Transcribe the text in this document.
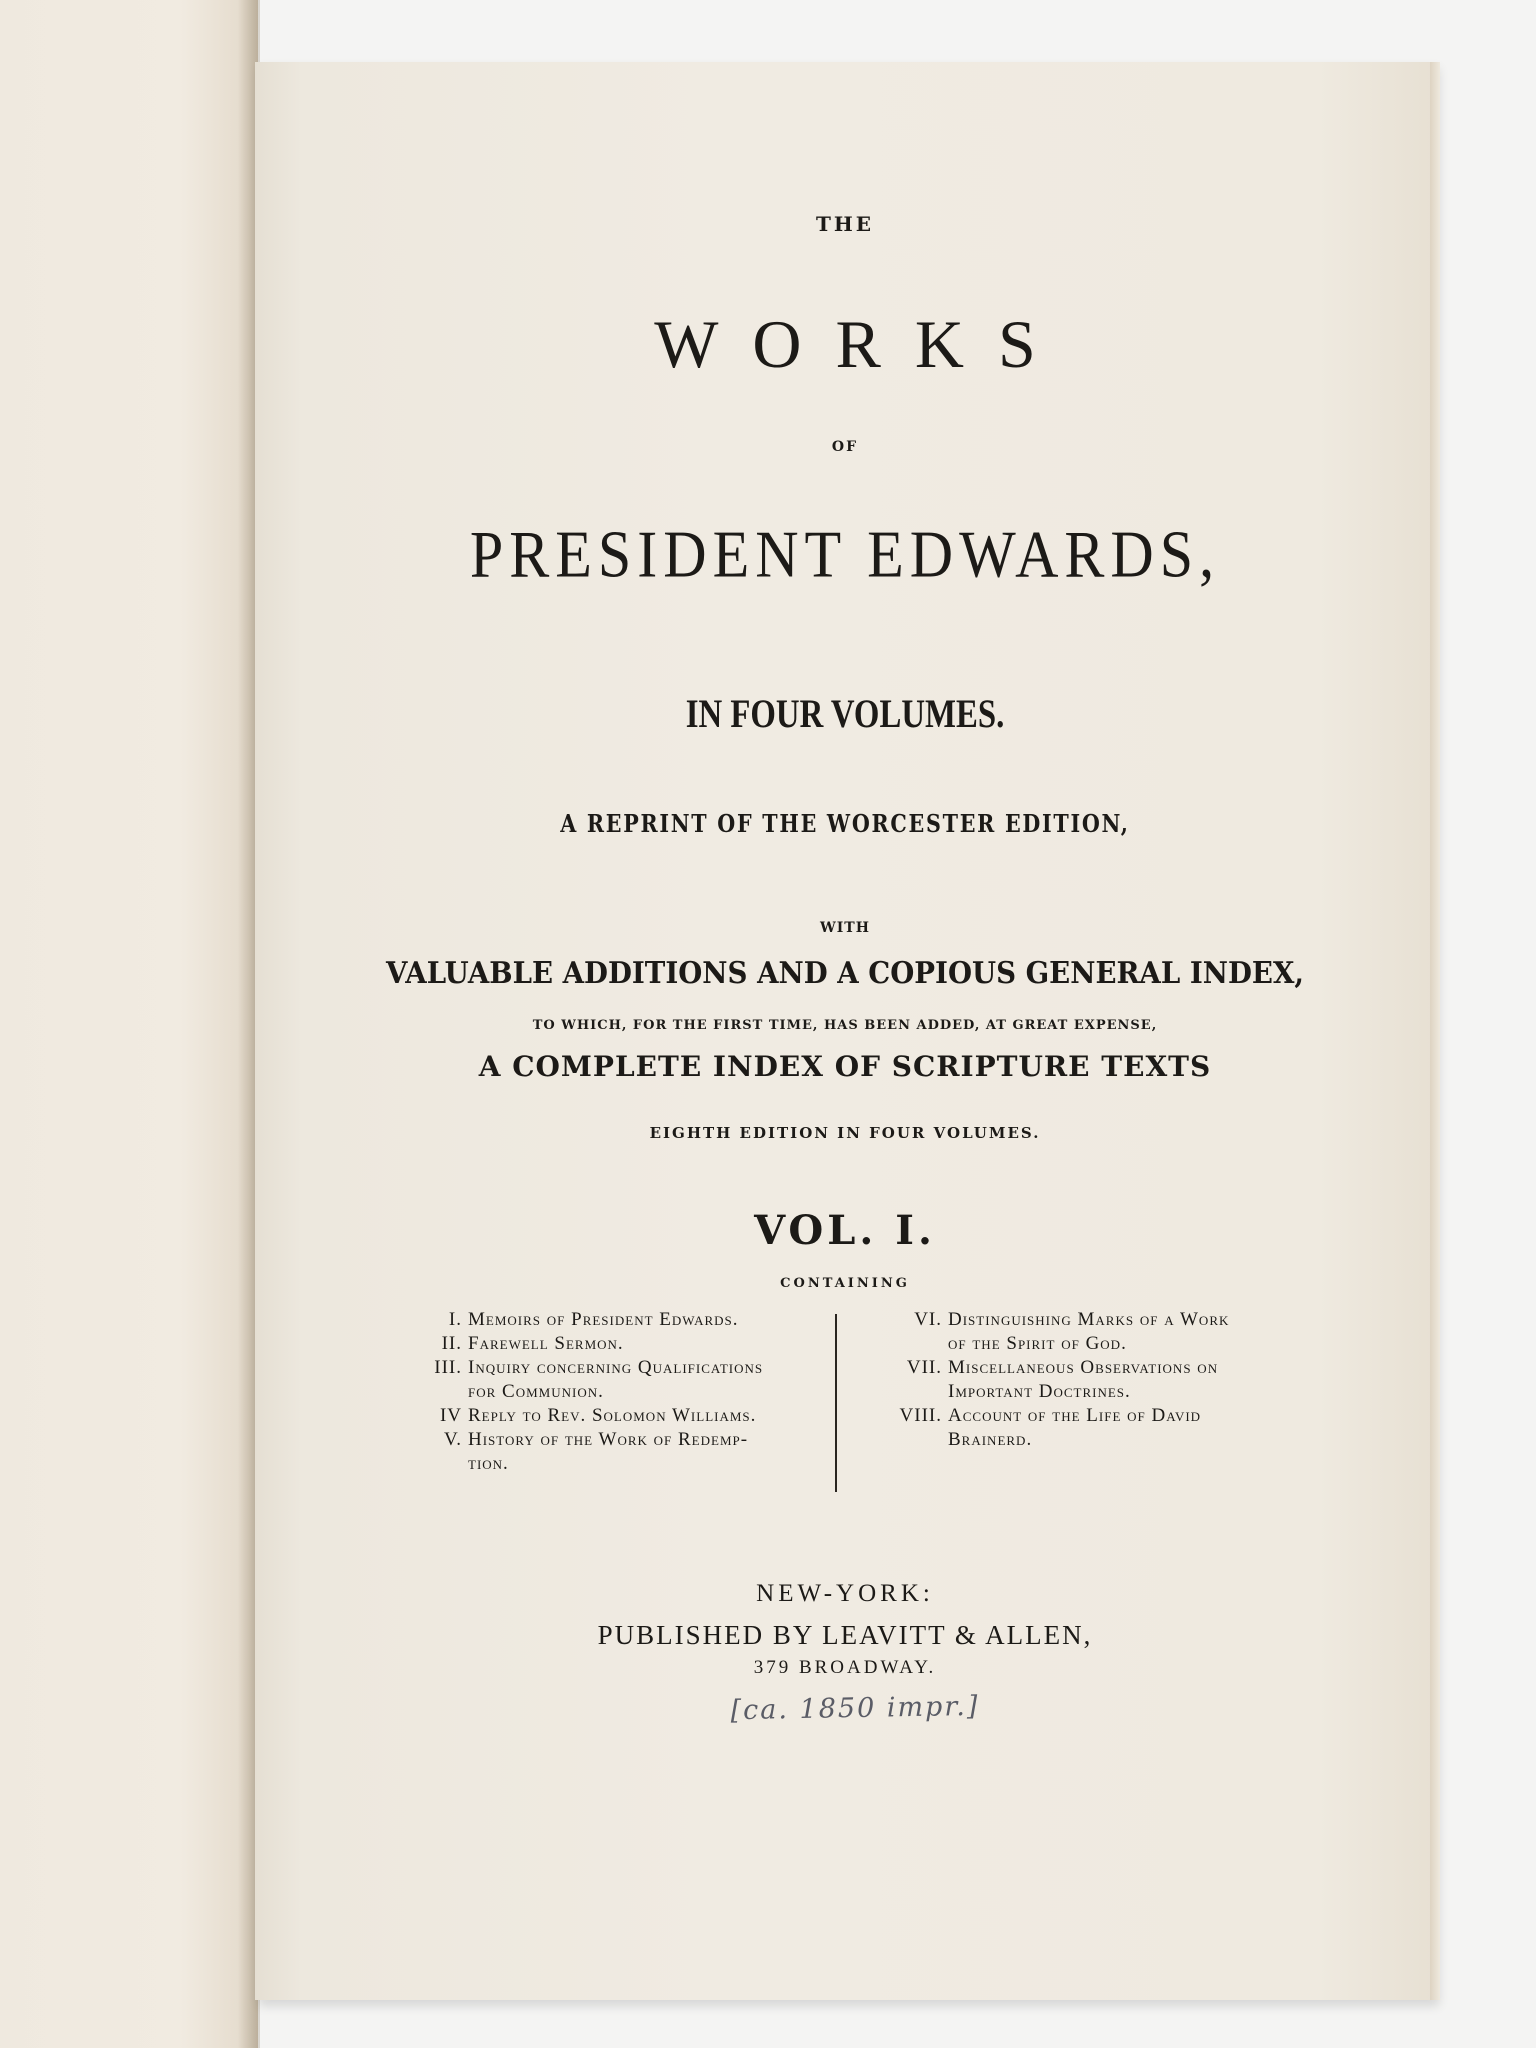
THE

WORKS

OF

PRESIDENT EDWARDS,

IN FOUR VOLUMES.

A REPRINT OF THE WORCESTER EDITION,

WITH

VALUABLE ADDITIONS AND A COPIOUS GENERAL INDEX,

TO WHICH, FOR THE FIRST TIME, HAS BEEN ADDED, AT GREAT EXPENSE,

A COMPLETE INDEX OF SCRIPTURE TEXTS

EIGHTH EDITION IN FOUR VOLUMES.

VOL. I.

CONTAINING

I. Memoirs of President Edwards.
II. Farewell Sermon.
III. Inquiry concerning Qualifications
for Communion.
IV Reply to Rev. Solomon Williams.
V. History of the Work of Redemp-
tion.
VI. Distinguishing Marks of a Work
of the Spirit of God.
VII. Miscellaneous Observations on
Important Doctrines.
VIII. Account of the Life of David
Brainerd.

NEW-YORK:

PUBLISHED BY LEAVITT & ALLEN,

379 BROADWAY.

[ca. 1850 impr.]
